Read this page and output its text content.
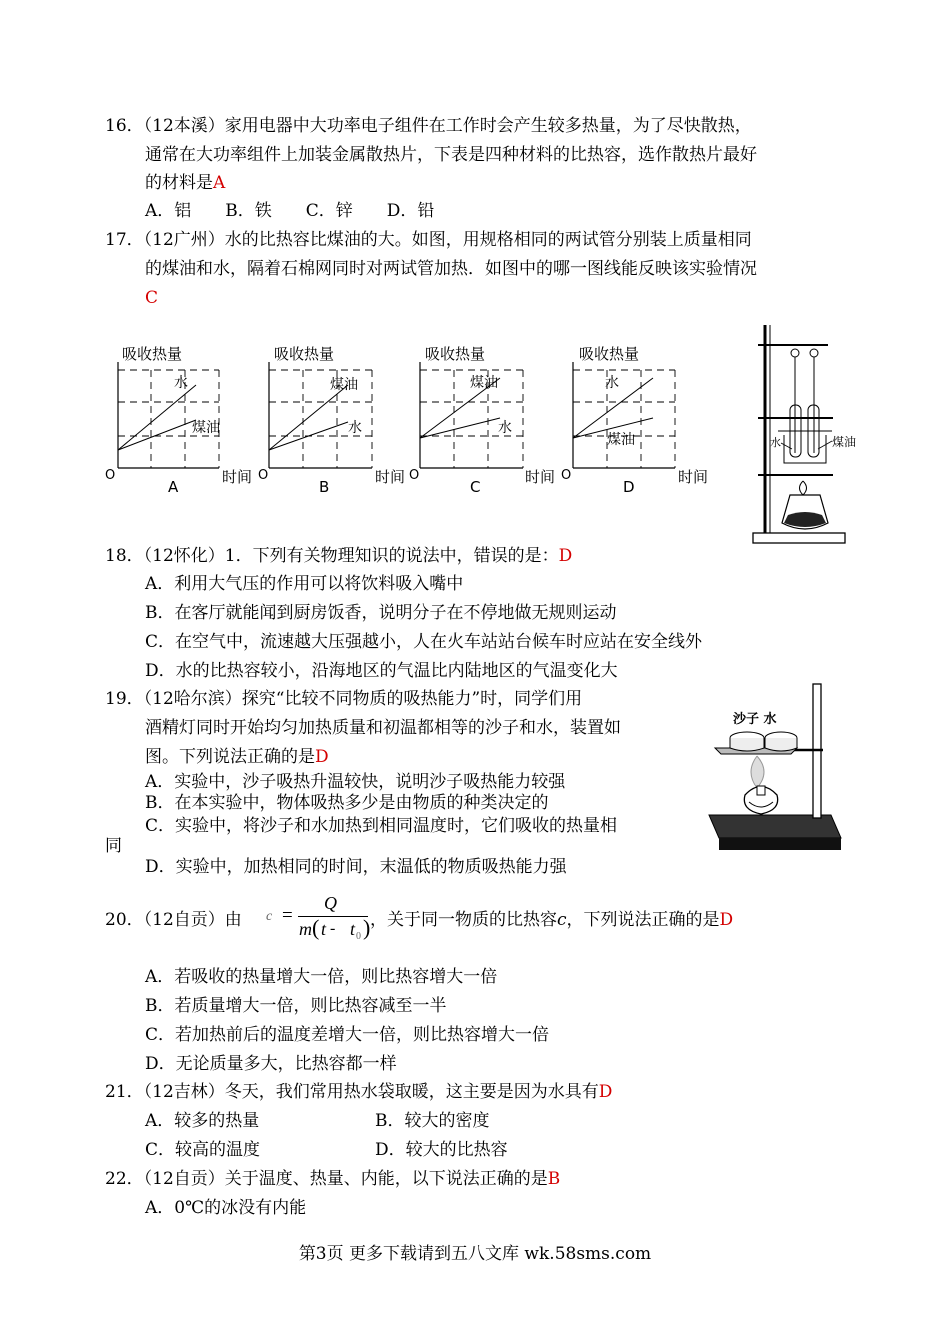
16．（12本溪）家用电器中大功率电子组件在工作时会产生较多热量，为了尽快散热，
通常在大功率组件上加装金属散热片，下表是四种材料的比热容，选作散热片最好
的材料是A
A．铝　　B．铁　　C．锌　　D．铅
17．（12广州）水的比热容比煤油的大。如图，用规格相同的两试管分别装上质量相同
的煤油和水，隔着石棉网同时对两试管加热．如图中的哪一图线能反映该实验情况
C
吸收热量
水
煤油
O	时间
A
吸收热量
煤油
水
O	时间
B
吸收热量
煤油
水
O	时间
C
吸收热量
水
煤油
O	时间
D
水	煤油
18．（12怀化）1．下列有关物理知识的说法中，错误的是：D
A．利用大气压的作用可以将饮料吸入嘴中
B．在客厅就能闻到厨房饭香，说明分子在不停地做无规则运动
C．在空气中，流速越大压强越小，人在火车站站台候车时应站在安全线外
D．水的比热容较小，沿海地区的气温比内陆地区的气温变化大
19．（12哈尔滨）探究“比较不同物质的吸热能力”时，同学们用
酒精灯同时开始均匀加热质量和初温都相等的沙子和水，装置如
图。下列说法正确的是D
A．实验中，沙子吸热升温较快，说明沙子吸热能力较强
B．在本实验中，物体吸热多少是由物质的种类决定的
C．实验中，将沙子和水加热到相同温度时，它们吸收的热量相
同
D．实验中，加热相同的时间，末温低的物质吸热能力强
沙子 水
20．（12自贡）由 c =
Q
m ( t - t 0 ) ，关于同一物质的比热容c，下列说法正确的是D
A．若吸收的热量增大一倍，则比热容增大一倍
B．若质量增大一倍，则比热容减至一半
C．若加热前后的温度差增大一倍，则比热容增大一倍
D．无论质量多大，比热容都一样
21．（12吉林）冬天，我们常用热水袋取暖，这主要是因为水具有D
A．较多的热量	B．较大的密度
C．较高的温度	D．较大的比热容
22．（12自贡）关于温度、热量、内能，以下说法正确的是B
A．0℃的冰没有内能
第3页 更多下载请到五八文库 wk.58sms.com
